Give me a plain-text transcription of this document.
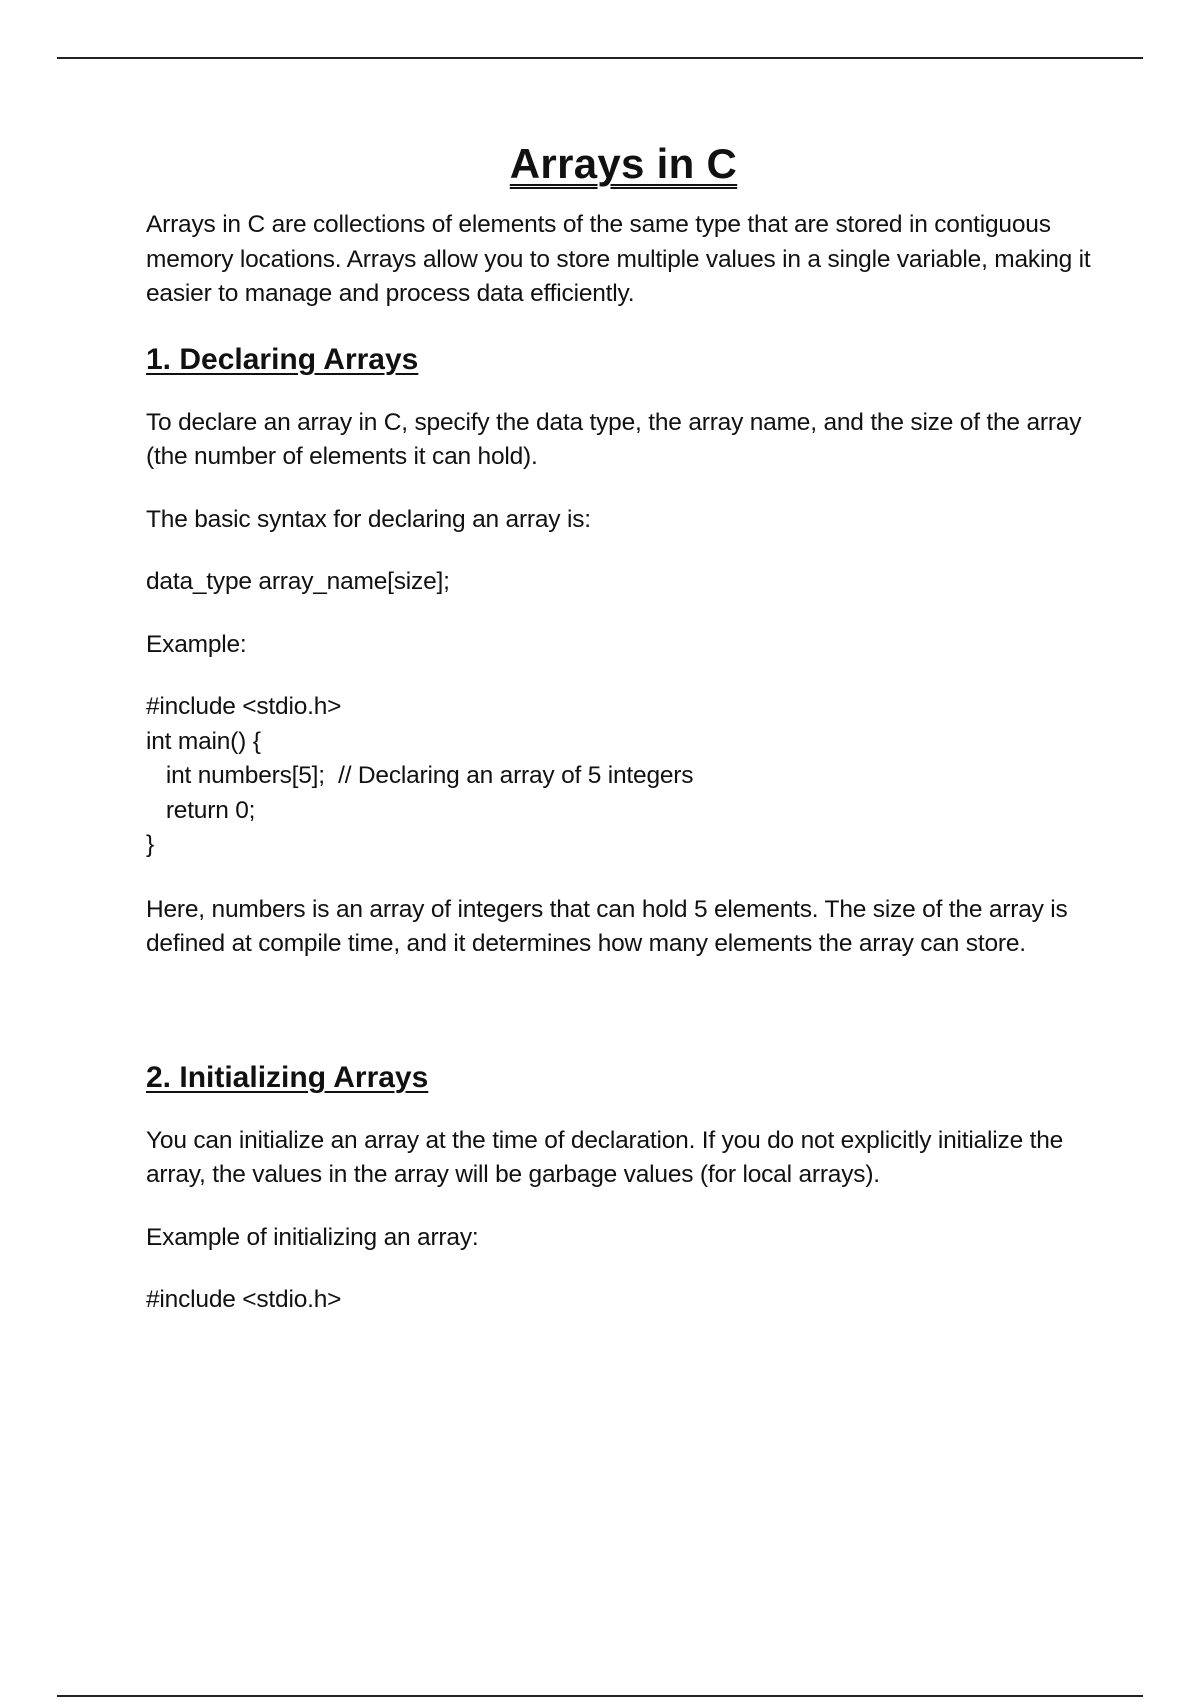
Arrays in C

Arrays in C are collections of elements of the same type that are stored in contiguous memory locations. Arrays allow you to store multiple values in a single variable, making it easier to manage and process data efficiently.

1. Declaring Arrays

To declare an array in C, specify the data type, the array name, and the size of the array (the number of elements it can hold).

The basic syntax for declaring an array is:

data_type array_name[size];

Example:

#include <stdio.h>

int main() {

int numbers[5];  // Declaring an array of 5 integers

return 0;

}

Here, numbers is an array of integers that can hold 5 elements. The size of the array is defined at compile time, and it determines how many elements the array can store.

2. Initializing Arrays

You can initialize an array at the time of declaration. If you do not explicitly initialize the array, the values in the array will be garbage values (for local arrays).

Example of initializing an array:

#include <stdio.h>
